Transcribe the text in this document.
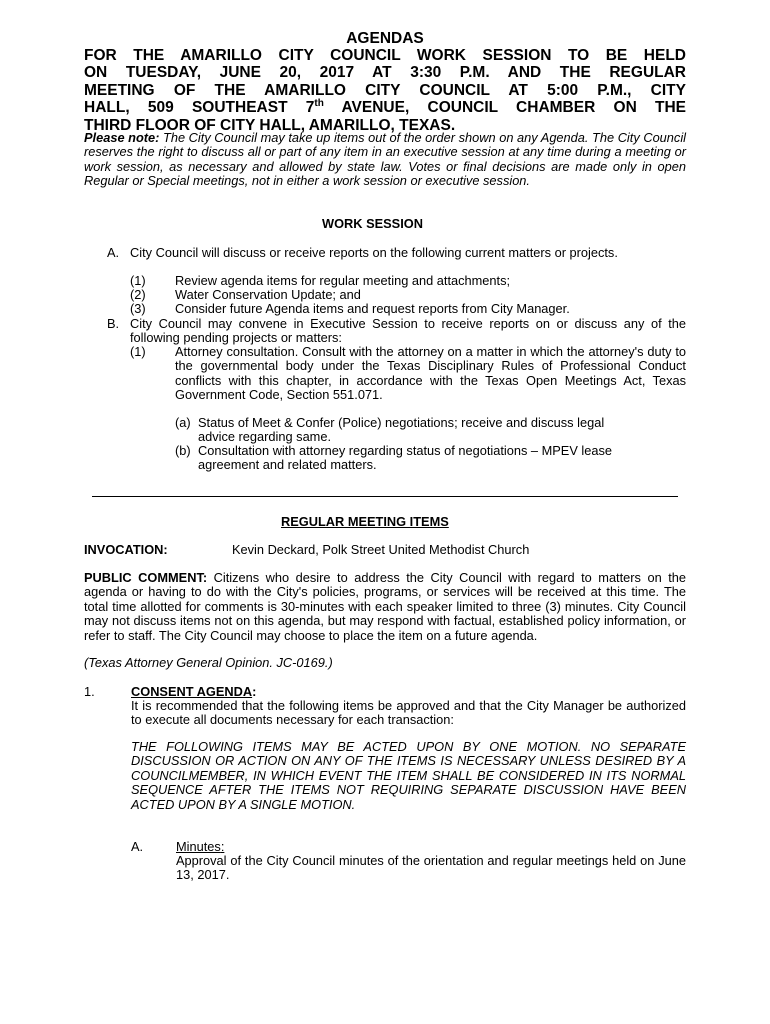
AGENDAS

FOR THE AMARILLO CITY COUNCIL WORK SESSION TO BE HELD

ON TUESDAY, JUNE 20, 2017 AT 3:30 P.M. AND THE REGULAR

MEETING OF THE AMARILLO CITY COUNCIL AT 5:00 P.M., CITY

HALL, 509 SOUTHEAST 7th AVENUE, COUNCIL CHAMBER ON THE

THIRD FLOOR OF CITY HALL, AMARILLO, TEXAS.

Please note: The City Council may take up items out of the order shown on any Agenda. The City Council reserves the right to discuss all or part of any item in an executive session at any time during a meeting or work session, as necessary and allowed by state law. Votes or final decisions are made only in open Regular or Special meetings, not in either a work session or executive session.

WORK SESSION

A. City Council will discuss or receive reports on the following current matters or projects.

(1)	Review agenda items for regular meeting and attachments;

(2)	Water Conservation Update; and

(3)	Consider future Agenda items and request reports from City Manager.

B. City Council may convene in Executive Session to receive reports on or discuss any of the following pending projects or matters:

(1)	Attorney consultation. Consult with the attorney on a matter in which the attorney's duty to the governmental body under the Texas Disciplinary Rules of Professional Conduct conflicts with this chapter, in accordance with the Texas Open Meetings Act, Texas Government Code, Section 551.071.

(a) Status of Meet & Confer (Police) negotiations; receive and discuss legal advice regarding same.

(b) Consultation with attorney regarding status of negotiations – MPEV lease agreement and related matters.

REGULAR MEETING ITEMS

INVOCATION:	Kevin Deckard, Polk Street United Methodist Church

PUBLIC COMMENT: Citizens who desire to address the City Council with regard to matters on the agenda or having to do with the City's policies, programs, or services will be received at this time. The total time allotted for comments is 30-minutes with each speaker limited to three (3) minutes. City Council may not discuss items not on this agenda, but may respond with factual, established policy information, or refer to staff. The City Council may choose to place the item on a future agenda.

(Texas Attorney General Opinion. JC-0169.)

1.	CONSENT AGENDA:

It is recommended that the following items be approved and that the City Manager be authorized to execute all documents necessary for each transaction:

THE FOLLOWING ITEMS MAY BE ACTED UPON BY ONE MOTION. NO SEPARATE DISCUSSION OR ACTION ON ANY OF THE ITEMS IS NECESSARY UNLESS DESIRED BY A COUNCILMEMBER, IN WHICH EVENT THE ITEM SHALL BE CONSIDERED IN ITS NORMAL SEQUENCE AFTER THE ITEMS NOT REQUIRING SEPARATE DISCUSSION HAVE BEEN ACTED UPON BY A SINGLE MOTION.

A.	Minutes:

Approval of the City Council minutes of the orientation and regular meetings held on June 13, 2017.
